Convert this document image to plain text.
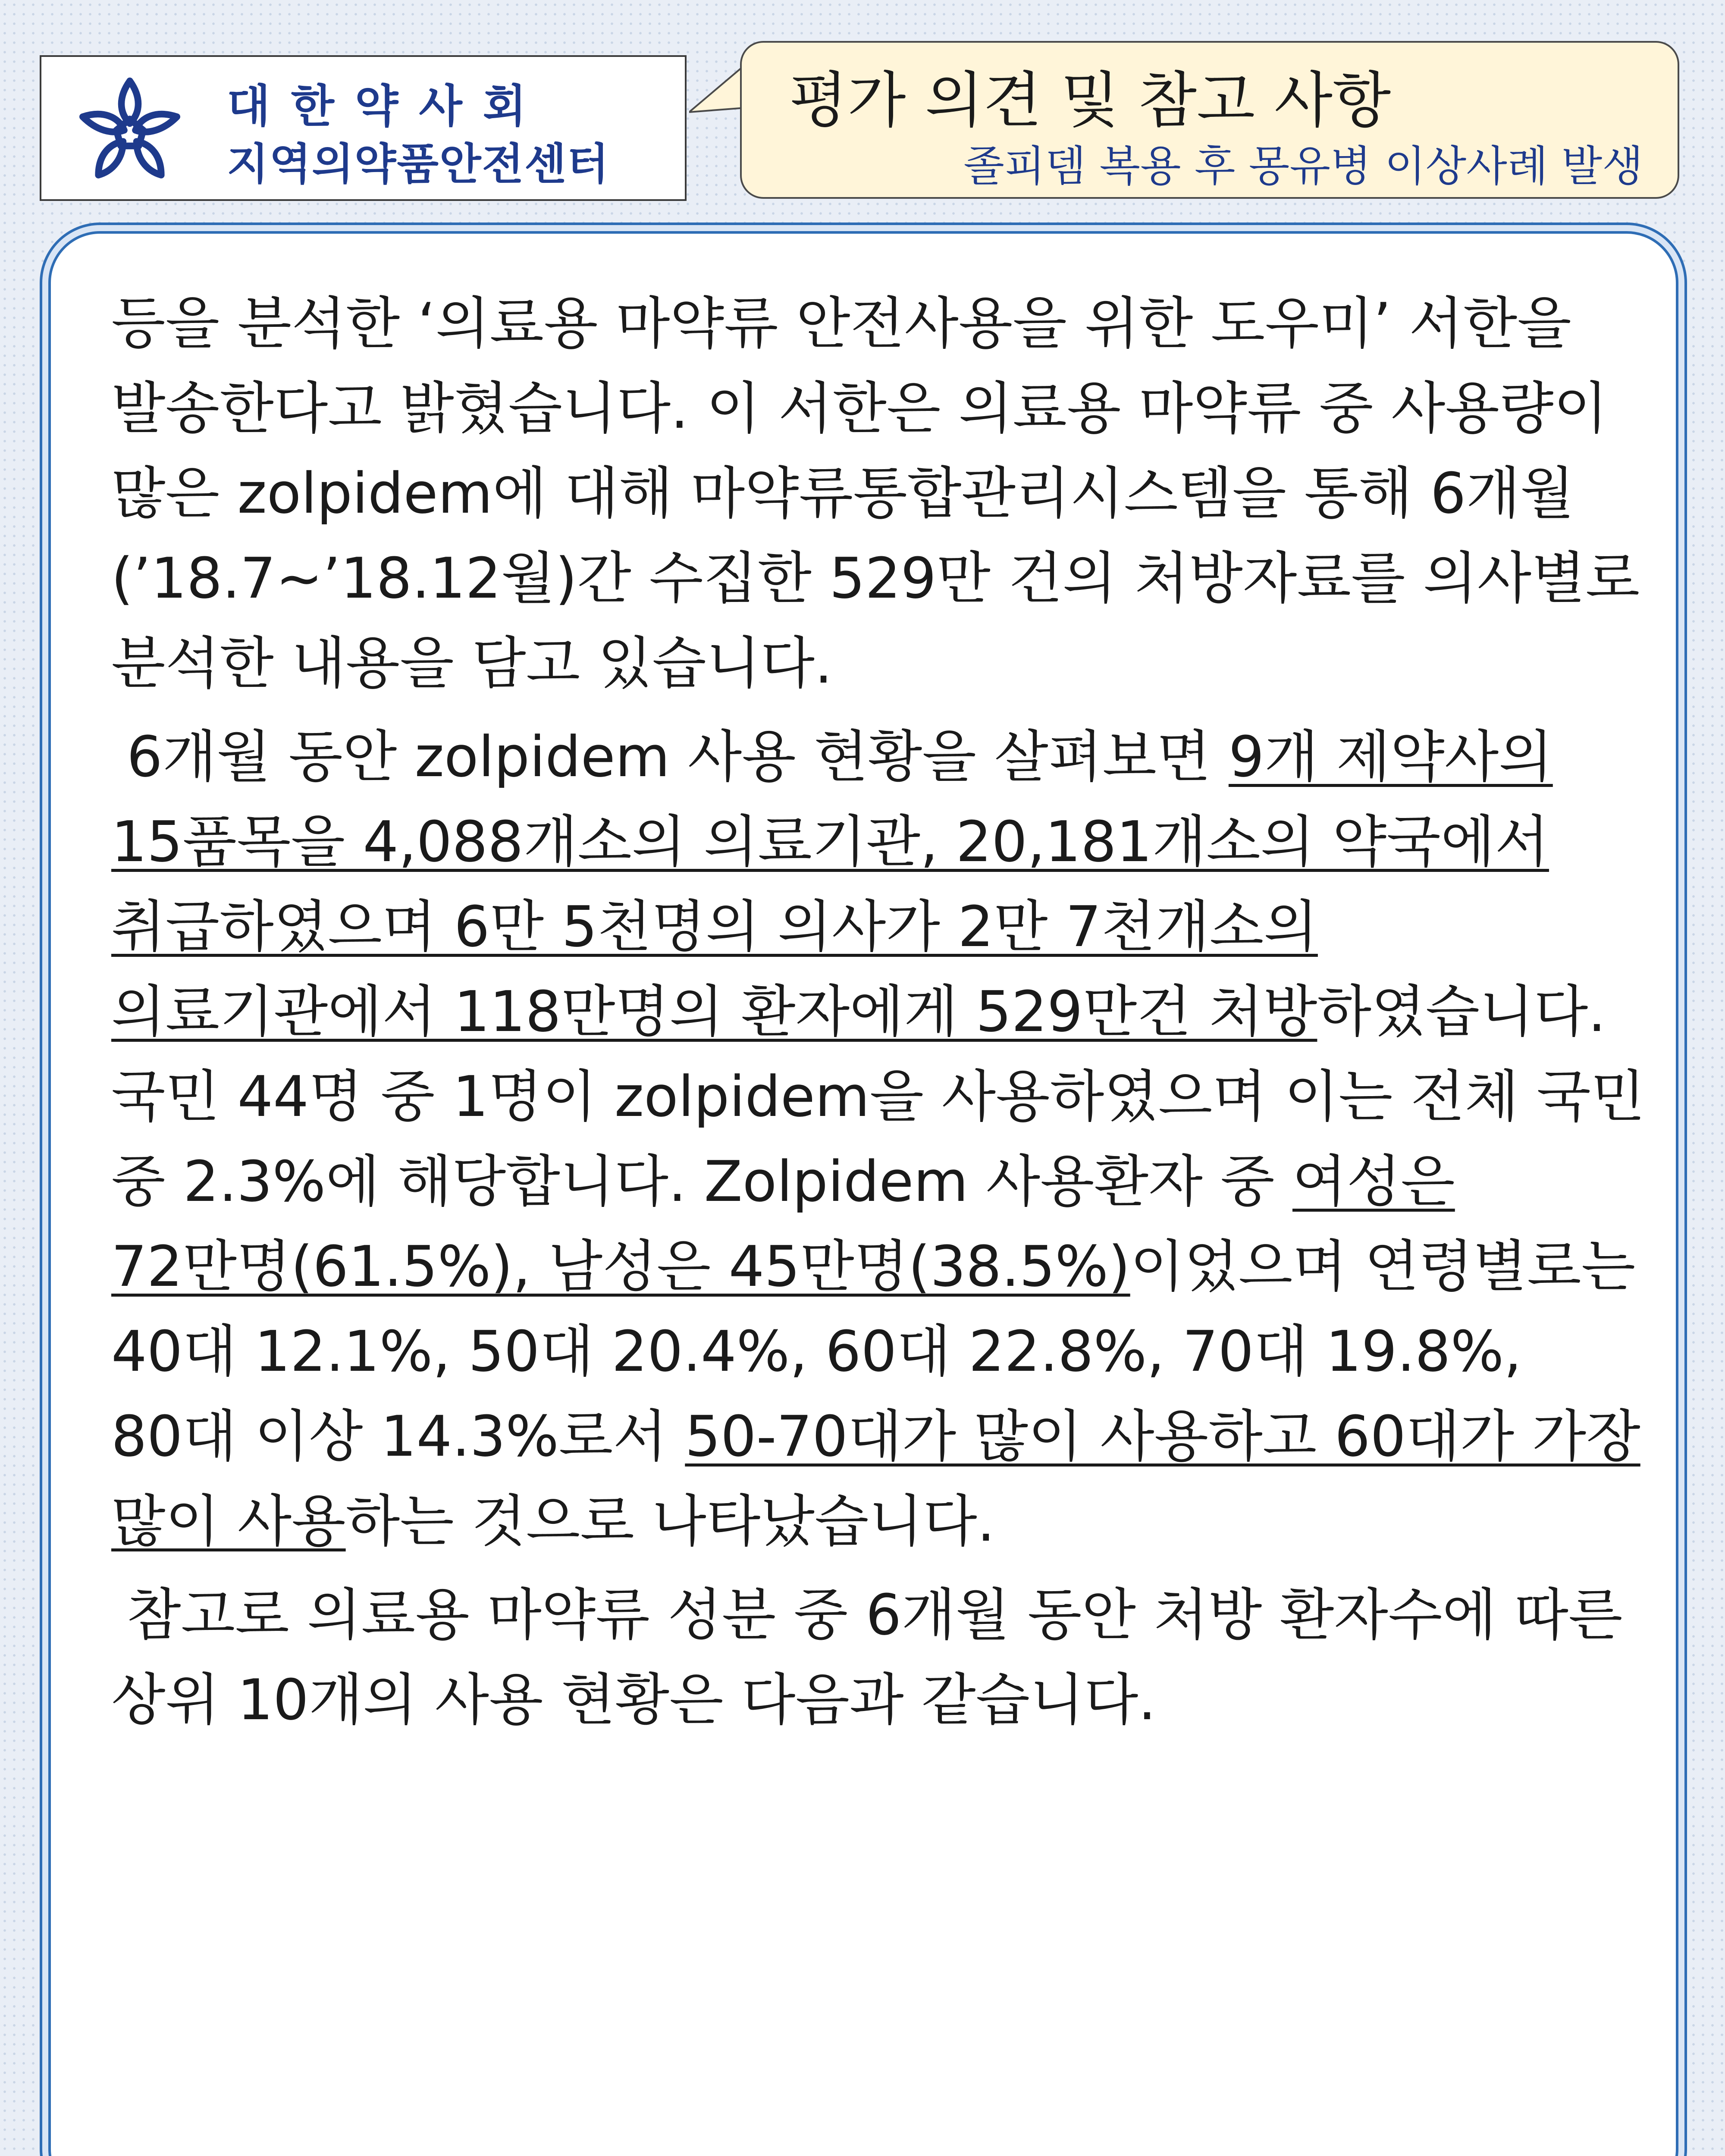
대한약사회
지역의약품안전센터
평가 의견 및 참고 사항
졸피뎀 복용 후 몽유병 이상사례 발생

등을 분석한 ‘의료용 마약류 안전사용을 위한 도우미’ 서한을 발송한다고 밝혔습니다. 이 서한은 의료용 마약류 중 사용량이 많은 zolpidem에 대해 마약류통합관리시스템을 통해 6개월(’18.7~’18.12월)간 수집한 529만 건의 처방자료를 의사별로 분석한 내용을 담고 있습니다.

6개월 동안 zolpidem 사용 현황을 살펴보면 9개 제약사의 15품목을 4,088개소의 의료기관, 20,181개소의 약국에서 취급하였으며 6만 5천명의 의사가 2만 7천개소의 의료기관에서 118만명의 환자에게 529만건 처방하였습니다. 국민 44명 중 1명이 zolpidem을 사용하였으며 이는 전체 국민 중 2.3%에 해당합니다. Zolpidem 사용환자 중 여성은 72만명(61.5%), 남성은 45만명(38.5%)이었으며 연령별로는 40대 12.1%, 50대 20.4%, 60대 22.8%, 70대 19.8%, 80대 이상 14.3%로서 50-70대가 많이 사용하고 60대가 가장 많이 사용하는 것으로 나타났습니다.

참고로 의료용 마약류 성분 중 6개월 동안 처방 환자수에 따른 상위 10개의 사용 현황은 다음과 같습니다.
